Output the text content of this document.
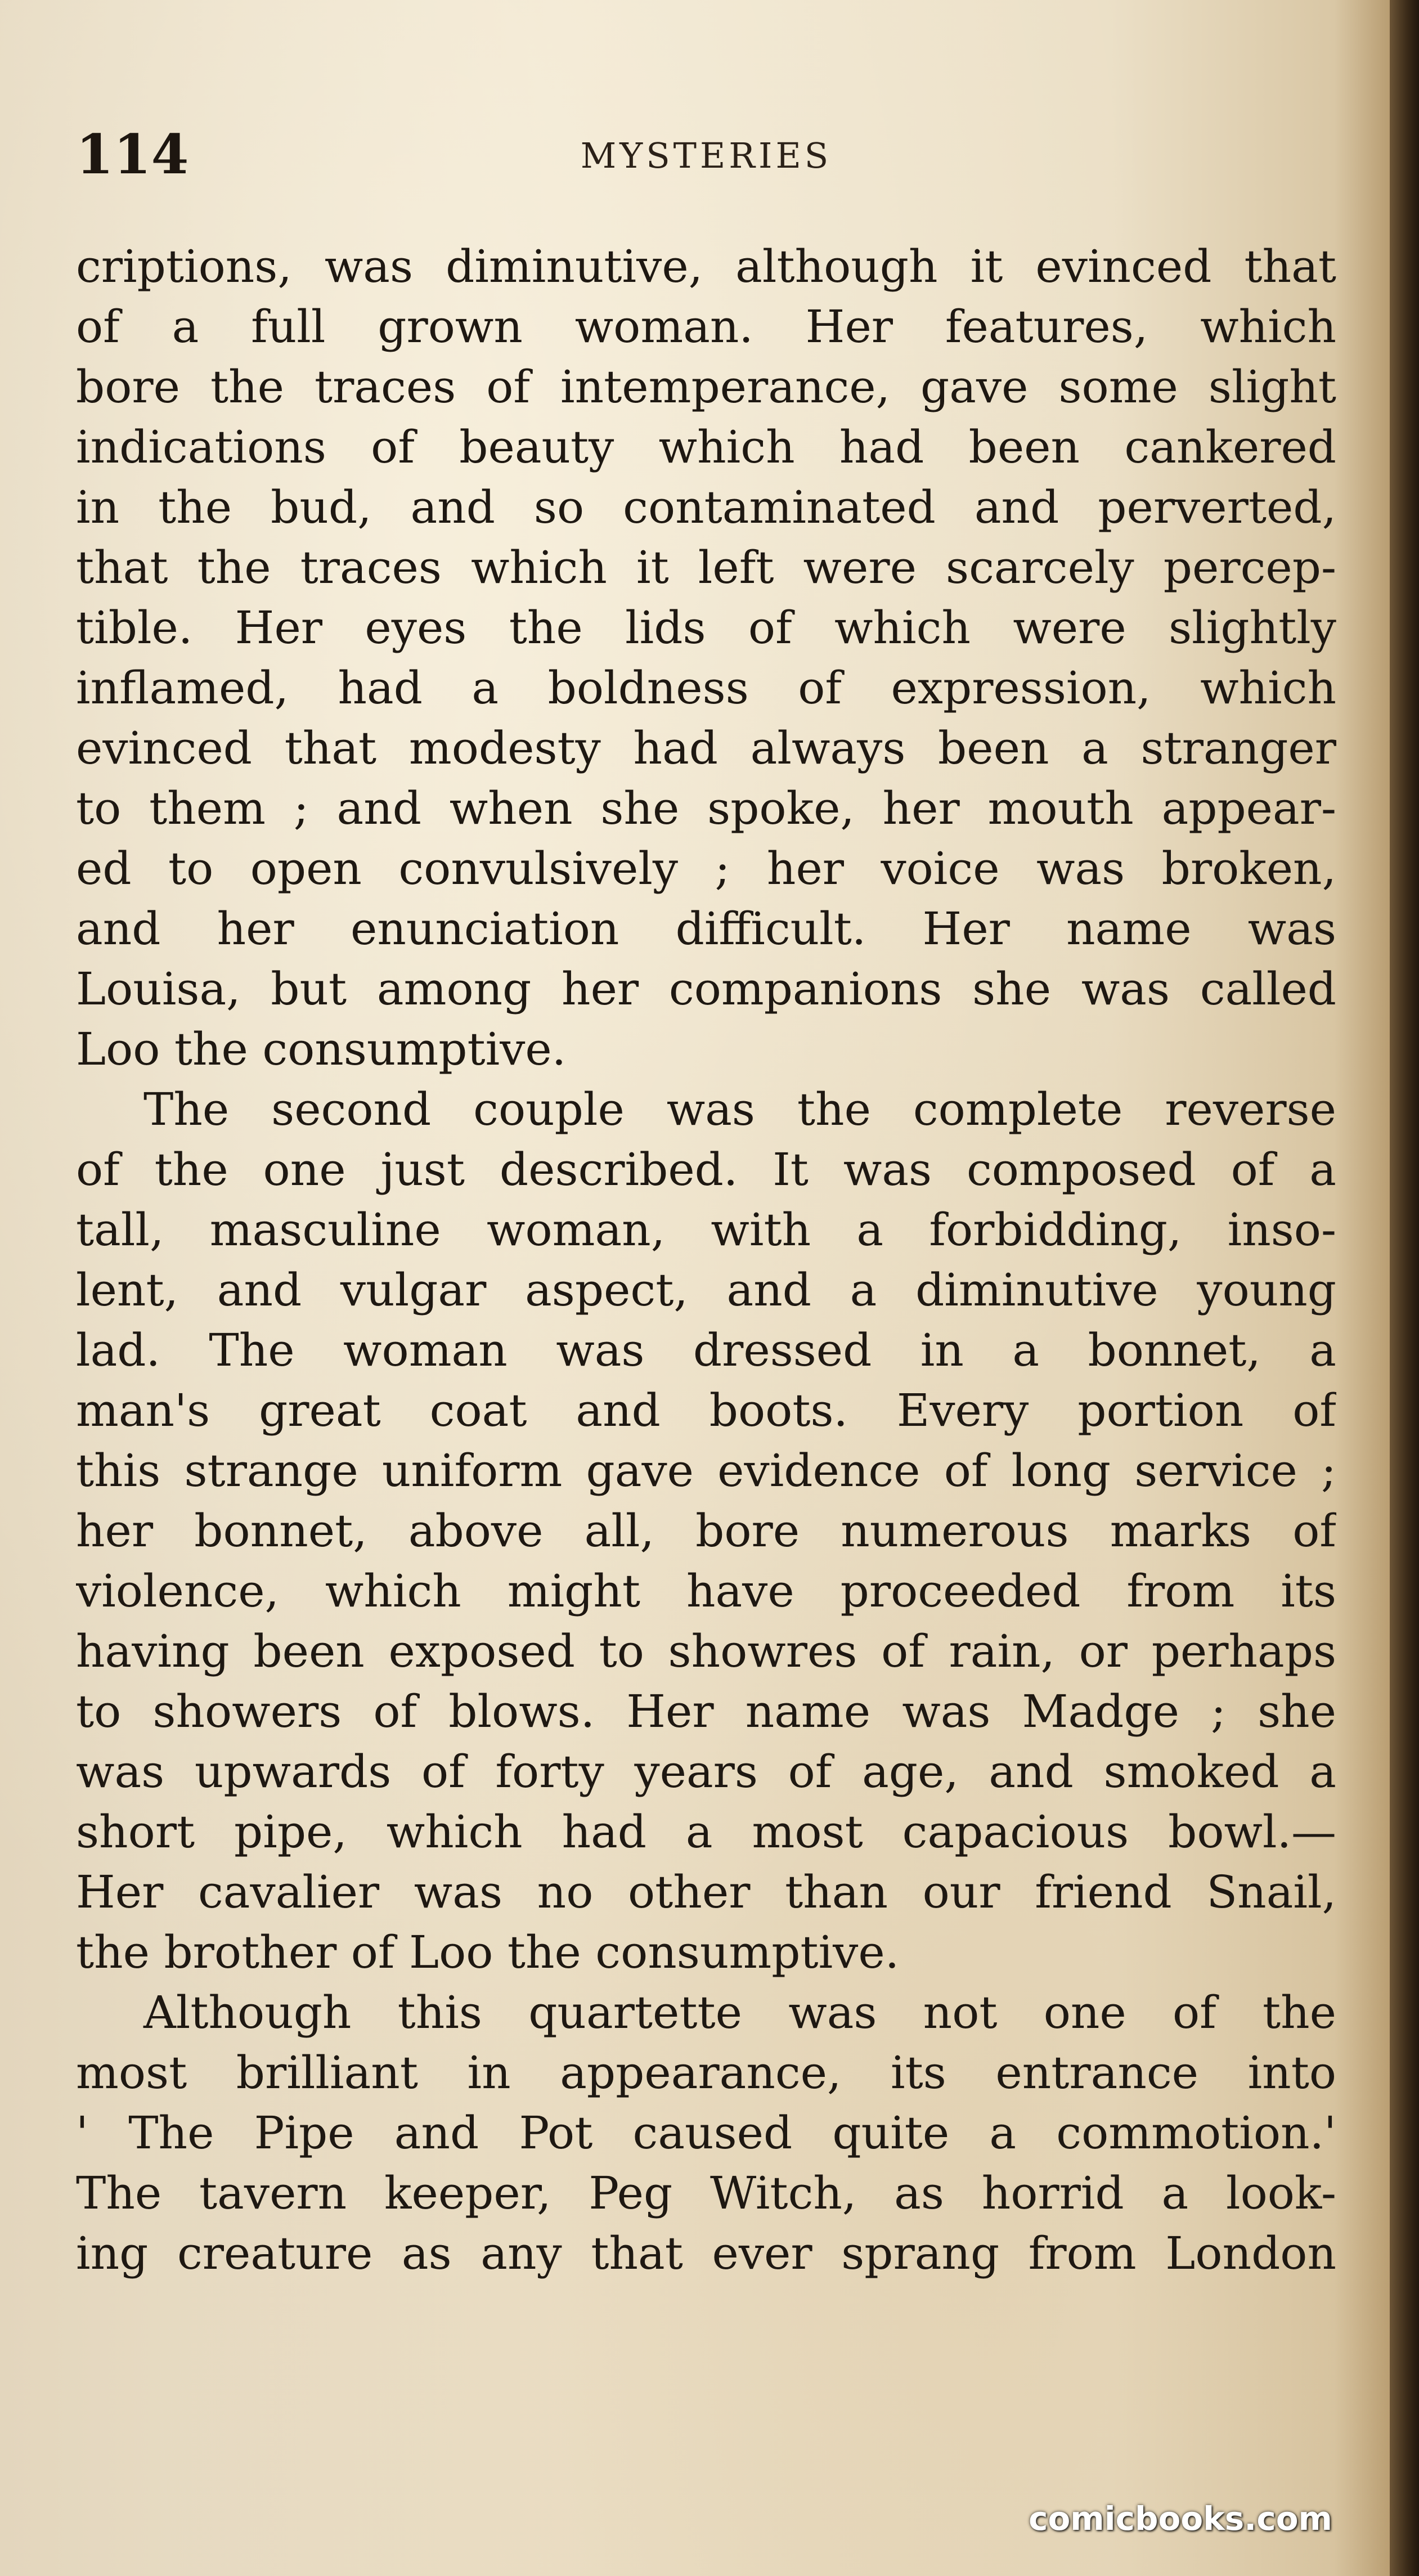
114	MYSTERIES
criptions, was diminutive, although it evinced that
of a full grown woman. Her features, which
bore the traces of intemperance, gave some slight
indications of beauty which had been cankered
in the bud, and so contaminated and perverted,
that the traces which it left were scarcely percep-
tible. Her eyes the lids of which were slightly
inflamed, had a boldness of expression, which
evinced that modesty had always been a stranger
to them ; and when she spoke, her mouth appear-
ed to open convulsively ; her voice was broken,
and her enunciation difficult. Her name was
Louisa, but among her companions she was called
Loo the consumptive.
The second couple was the complete reverse
of the one just described. It was composed of a
tall, masculine woman, with a forbidding, inso-
lent, and vulgar aspect, and a diminutive young
lad. The woman was dressed in a bonnet, a
man's great coat and boots. Every portion of
this strange uniform gave evidence of long service ;
her bonnet, above all, bore numerous marks of
violence, which might have proceeded from its
having been exposed to showres of rain, or perhaps
to showers of blows. Her name was Madge ; she
was upwards of forty years of age, and smoked a
short pipe, which had a most capacious bowl.—
Her cavalier was no other than our friend Snail,
the brother of Loo the consumptive.
Although this quartette was not one of the
most brilliant in appearance, its entrance into
' The Pipe and Pot caused quite a commotion.'
The tavern keeper, Peg Witch, as horrid a look-
ing creature as any that ever sprang from London
comicbooks.com
